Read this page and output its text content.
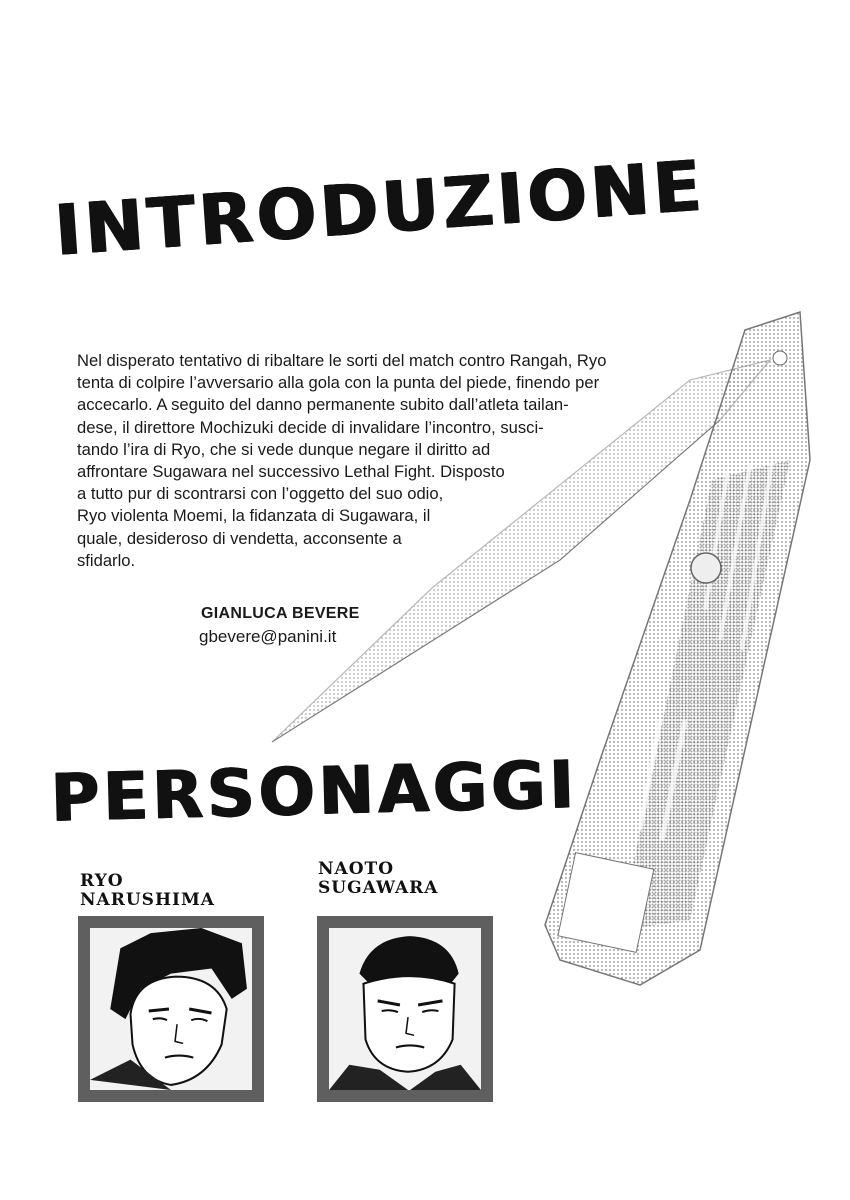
INTRODUZIONE

Nel disperato tentativo di ribaltare le sorti del match contro Rangah, Ryo
tenta di colpire l’avversario alla gola con la punta del piede, finendo per
accecarlo. A seguito del danno permanente subito dall’atleta tailan-
dese, il direttore Mochizuki decide di invalidare l’incontro, susci-
tando l’ira di Ryo, che si vede dunque negare il diritto ad
affrontare Sugawara nel successivo Lethal Fight. Disposto
a tutto pur di scontrarsi con l’oggetto del suo odio,
Ryo violenta Moemi, la fidanzata di Sugawara, il
quale, desideroso di vendetta, acconsente a
sfidarlo.

GIANLUCA BEVERE

gbevere@panini.it

PERSONAGGI

RYO
NARUSHIMA

NAOTO
SUGAWARA
